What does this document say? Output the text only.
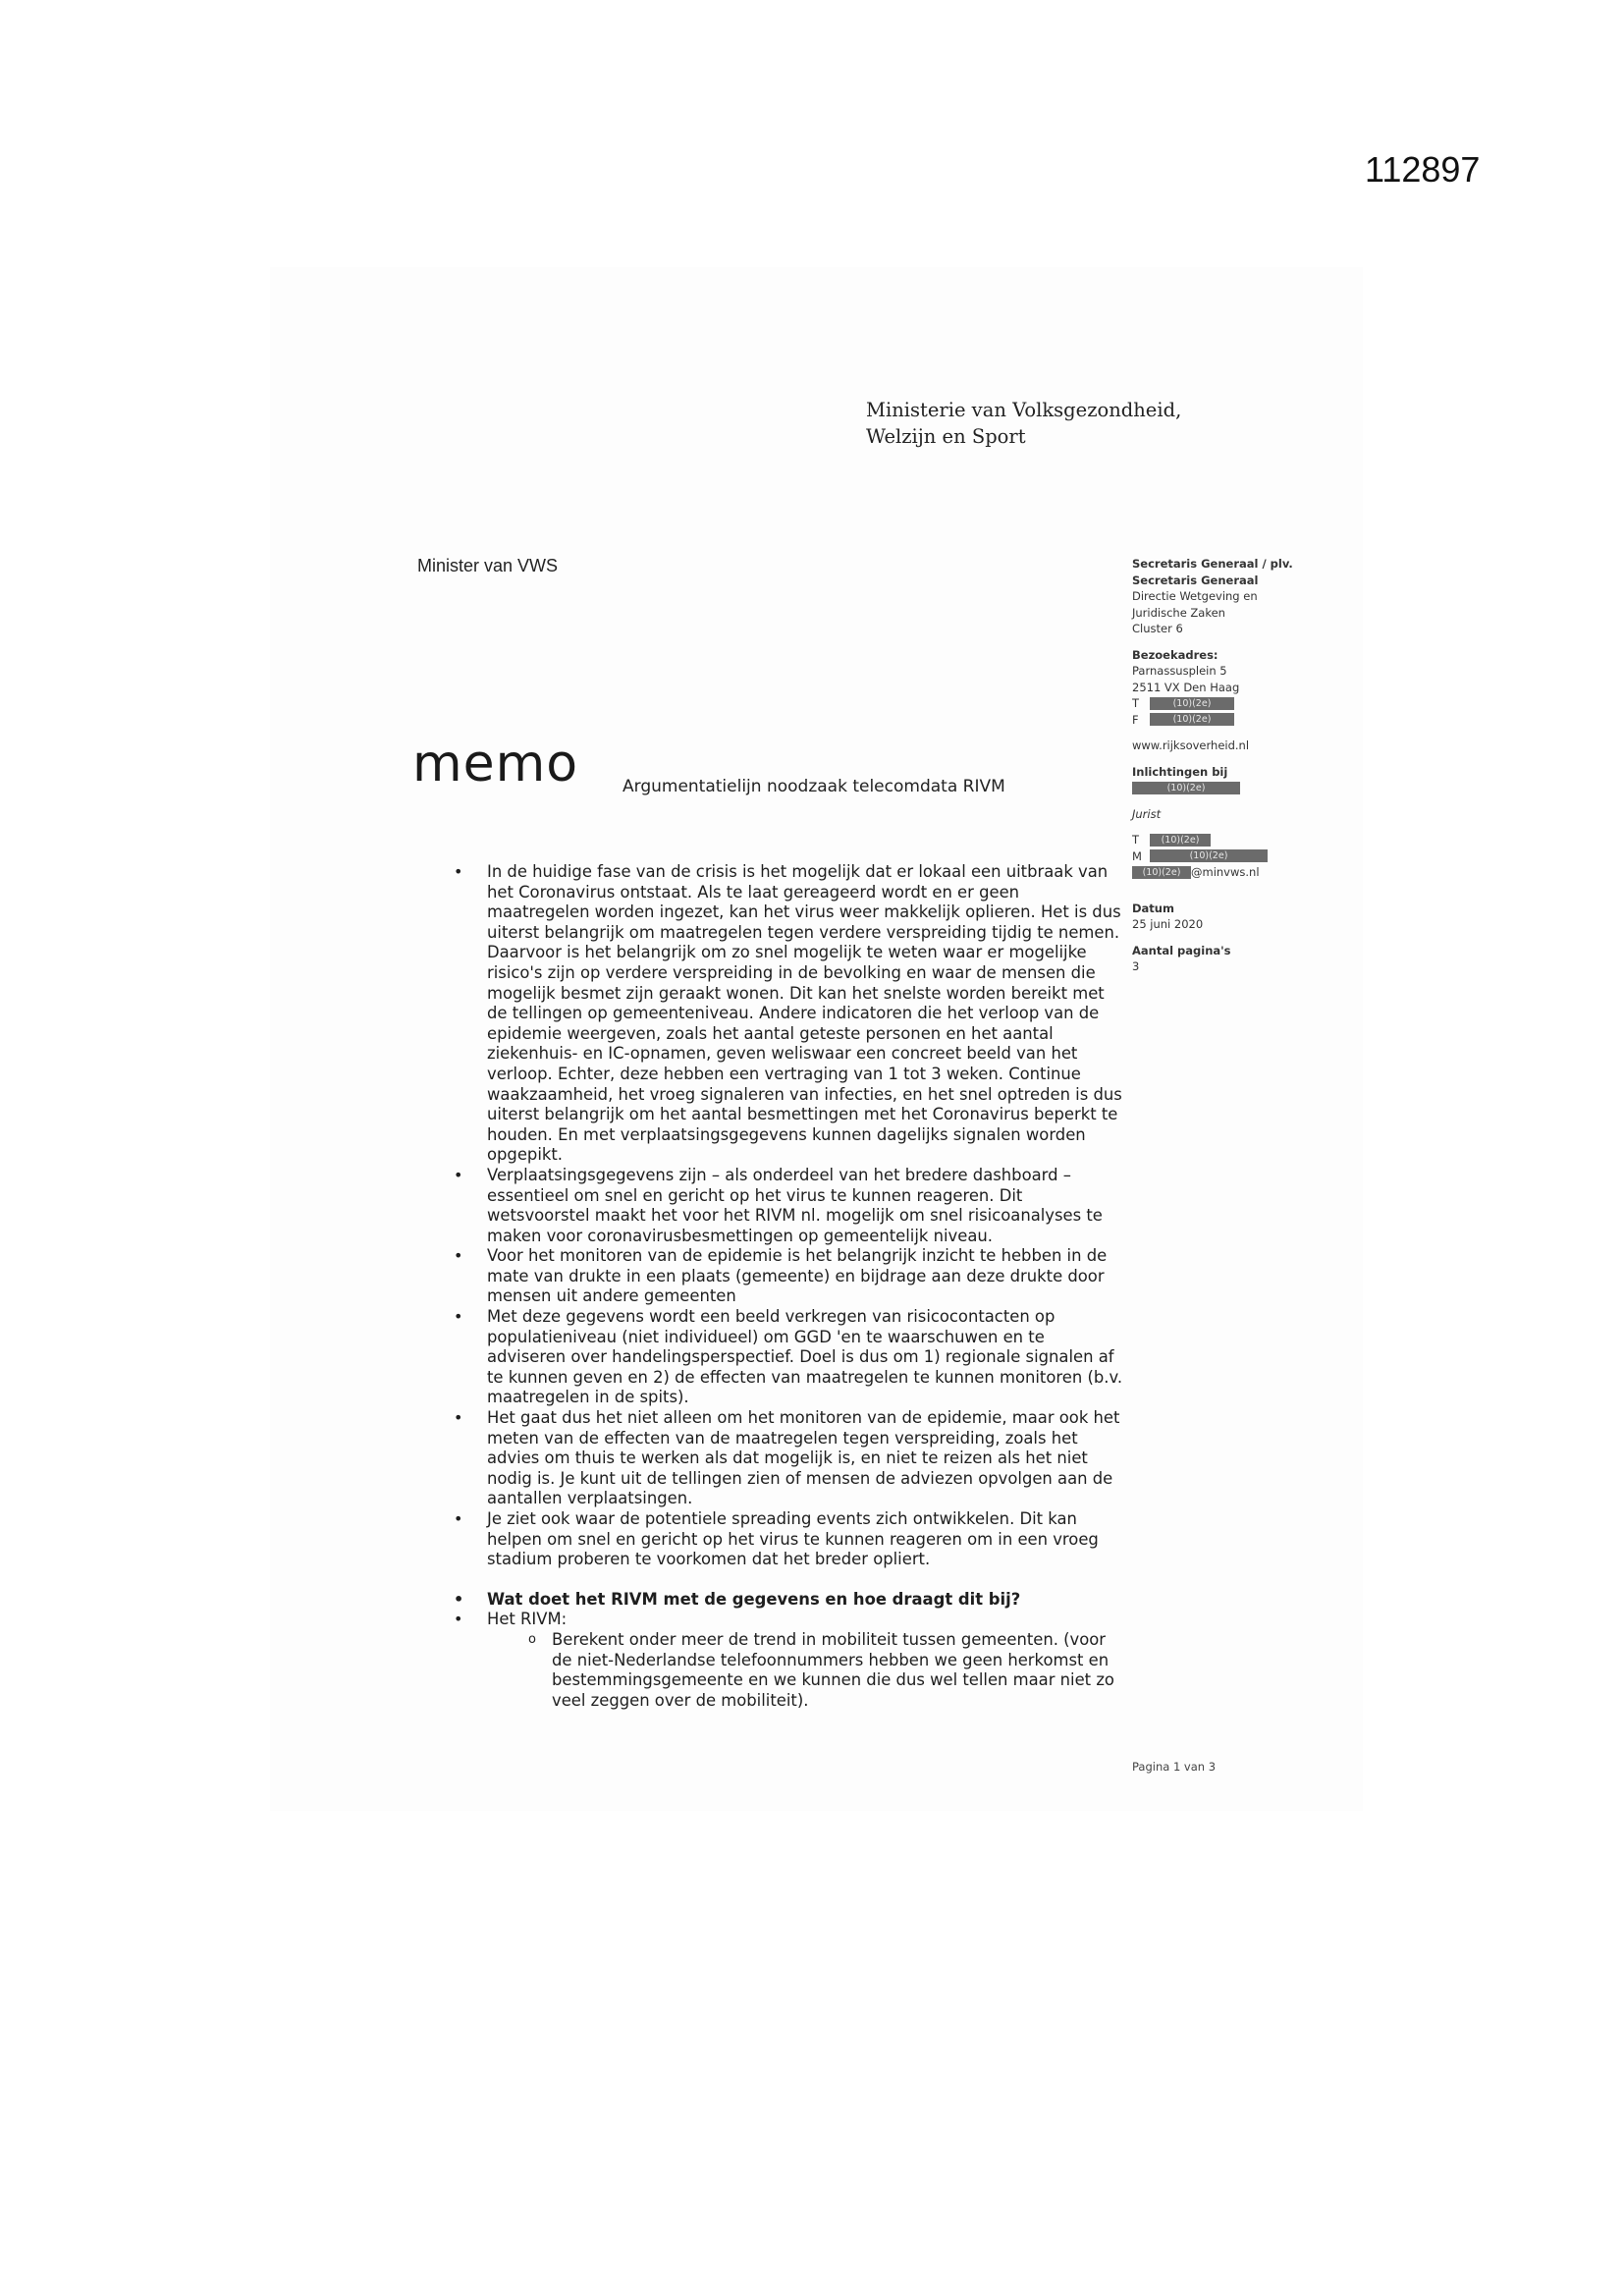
112897
Ministerie van Volksgezondheid,
Welzijn en Sport
Minister van VWS
memo	Argumentatielijn noodzaak telecomdata RIVM
Secretaris Generaal / plv.
Secretaris Generaal
Directie Wetgeving en
Juridische Zaken
Cluster 6
Bezoekadres:
Parnassusplein 5
2511 VX Den Haag
T	(10)(2e)
F	(10)(2e)
www.rijksoverheid.nl
Inlichtingen bij
(10)(2e)
Jurist
T	(10)(2e)
M	(10)(2e)
(10)(2e) @minvws.nl
Datum
25 juni 2020
Aantal pagina's
3
• In de huidige fase van de crisis is het mogelijk dat er lokaal een uitbraak van het Coronavirus ontstaat. Als te laat gereageerd wordt en er geen maatregelen worden ingezet, kan het virus weer makkelijk oplieren. Het is dus uiterst belangrijk om maatregelen tegen verdere verspreiding tijdig te nemen. Daarvoor is het belangrijk om zo snel mogelijk te weten waar er mogelijke risico's zijn op verdere verspreiding in de bevolking en waar de mensen die mogelijk besmet zijn geraakt wonen. Dit kan het snelste worden bereikt met de tellingen op gemeenteniveau. Andere indicatoren die het verloop van de epidemie weergeven, zoals het aantal geteste personen en het aantal ziekenhuis- en IC-opnamen, geven weliswaar een concreet beeld van het verloop. Echter, deze hebben een vertraging van 1 tot 3 weken. Continue waakzaamheid, het vroeg signaleren van infecties, en het snel optreden is dus uiterst belangrijk om het aantal besmettingen met het Coronavirus beperkt te houden. En met verplaatsingsgegevens kunnen dagelijks signalen worden opgepikt.
• Verplaatsingsgegevens zijn – als onderdeel van het bredere dashboard – essentieel om snel en gericht op het virus te kunnen reageren. Dit wetsvoorstel maakt het voor het RIVM nl. mogelijk om snel risicoanalyses te maken voor coronavirusbesmettingen op gemeentelijk niveau.
• Voor het monitoren van de epidemie is het belangrijk inzicht te hebben in de mate van drukte in een plaats (gemeente) en bijdrage aan deze drukte door mensen uit andere gemeenten
• Met deze gegevens wordt een beeld verkregen van risicocontacten op populatieniveau (niet individueel) om GGD 'en te waarschuwen en te adviseren over handelingsperspectief. Doel is dus om 1) regionale signalen af te kunnen geven en 2) de effecten van maatregelen te kunnen monitoren (b.v. maatregelen in de spits).
• Het gaat dus het niet alleen om het monitoren van de epidemie, maar ook het meten van de effecten van de maatregelen tegen verspreiding, zoals het advies om thuis te werken als dat mogelijk is, en niet te reizen als het niet nodig is. Je kunt uit de tellingen zien of mensen de adviezen opvolgen aan de aantallen verplaatsingen.
• Je ziet ook waar de potentiele spreading events zich ontwikkelen. Dit kan helpen om snel en gericht op het virus te kunnen reageren om in een vroeg stadium proberen te voorkomen dat het breder opliert.
• Wat doet het RIVM met de gegevens en hoe draagt dit bij?
• Het RIVM:
o Berekent onder meer de trend in mobiliteit tussen gemeenten. (voor de niet-Nederlandse telefoonnummers hebben we geen herkomst en bestemmingsgemeente en we kunnen die dus wel tellen maar niet zo veel zeggen over de mobiliteit).
Pagina 1 van 3
